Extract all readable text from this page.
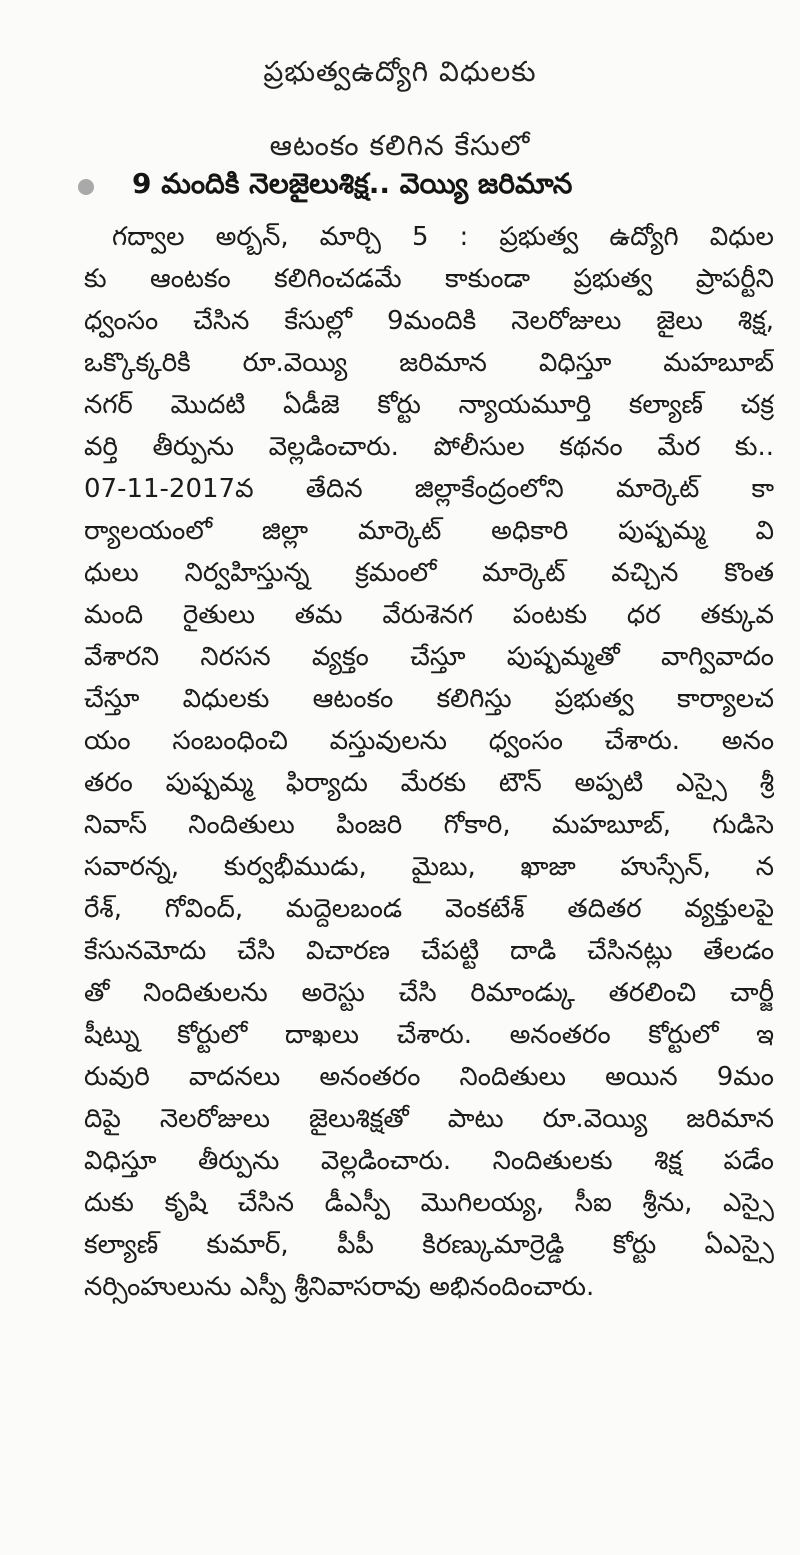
ప్రభుత్వఉద్యోగి విధులకు
ఆటంకం కలిగిన కేసులో
9 మందికి నెలజైలుశిక్ష.. వెయ్యి జరిమాన
గద్వాల అర్బన్, మార్చి 5 : ప్రభుత్వ ఉద్యోగి విధుల
కు ఆంటకం కలిగించడమే కాకుండా ప్రభుత్వ ప్రాపర్టీని
ధ్వంసం చేసిన కేసుల్లో 9మందికి నెలరోజులు జైలు శిక్ష,
ఒక్కొక్కరికి రూ.వెయ్యి జరిమాన విధిస్తూ మహబూబ్
నగర్ మొదటి ఏడీజె కోర్టు న్యాయమూర్తి కల్యాణ్ చక్ర
వర్తి తీర్పును వెల్లడించారు. పోలీసుల కథనం మేర కు..
07-11-2017వ తేదిన జిల్లాకేంద్రంలోని మార్కెట్ కా
ర్యాలయంలో జిల్లా మార్కెట్ అధికారి పుష్పమ్మ వి
ధులు నిర్వహిస్తున్న క్రమంలో మార్కెట్ వచ్చిన కొంత
మంది రైతులు తమ వేరుశెనగ పంటకు ధర తక్కువ
వేశారని నిరసన వ్యక్తం చేస్తూ పుష్పమ్మతో వాగ్వివాదం
చేస్తూ విధులకు ఆటంకం కలిగిస్తు ప్రభుత్వ కార్యాలచ
యం సంబంధించి వస్తువులను ధ్వంసం చేశారు. అనం
తరం పుష్పమ్మ ఫిర్యాదు మేరకు టౌన్ అప్పటి ఎస్సై శ్రీ
నివాస్ నిందితులు పింజరి గోకారి, మహబూబ్, గుడిసె
సవారన్న, కుర్వభీముడు, మైబు, ఖాజా హుస్సేన్, న
రేశ్, గోవింద్, మద్దెలబండ వెంకటేశ్ తదితర వ్యక్తులపై
కేసునమోదు చేసి విచారణ చేపట్టి దాడి చేసినట్లు తేలడం
తో నిందితులను అరెస్టు చేసి రిమాండ్కు తరలించి చార్జీ
షీట్ను కోర్టులో దాఖలు చేశారు. అనంతరం కోర్టులో ఇ
రువురి వాదనలు అనంతరం నిందితులు అయిన 9మం
దిపై నెలరోజులు జైలుశిక్షతో పాటు రూ.వెయ్యి జరిమాన
విధిస్తూ తీర్పును వెల్లడించారు. నిందితులకు శిక్ష పడేం
దుకు కృషి చేసిన డీఎస్పీ మొగిలయ్య, సీఐ శ్రీను, ఎస్సై
కల్యాణ్ కుమార్, పీపీ కిరణ్కుమార్రెడ్డి కోర్టు ఏఎస్సై
నర్సింహులును ఎస్పీ శ్రీనివాసరావు అభినందించారు.
